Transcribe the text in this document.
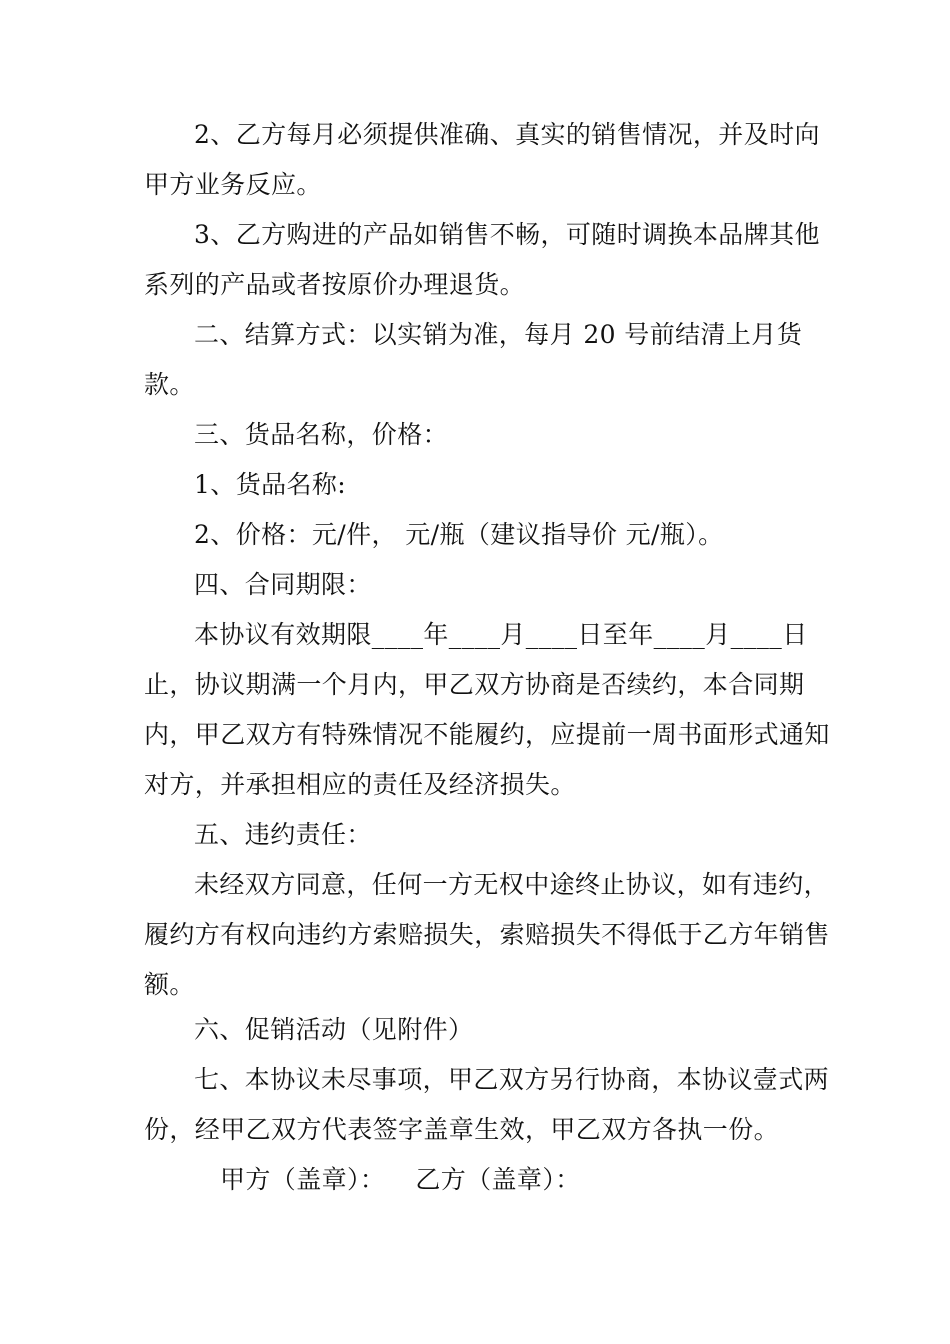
2、乙方每月必须提供准确、真实的销售情况，并及时向甲方业务反应。

3、乙方购进的产品如销售不畅，可随时调换本品牌其他系列的产品或者按原价办理退货。

二、结算方式：以实销为准，每月 20 号前结清上月货款。

三、货品名称，价格：

1、货品名称:

2、价格：元/件， 元/瓶（建议指导价 元/瓶）。

四、合同期限：

本协议有效期限____年____月____日至年____月____日止，协议期满一个月内，甲乙双方协商是否续约，本合同期内，甲乙双方有特殊情况不能履约，应提前一周书面形式通知对方，并承担相应的责任及经济损失。

五、违约责任：

未经双方同意，任何一方无权中途终止协议，如有违约，履约方有权向违约方索赔损失，索赔损失不得低于乙方年销售额。

六、促销活动（见附件）

七、本协议未尽事项，甲乙双方另行协商，本协议壹式两份，经甲乙双方代表签字盖章生效，甲乙双方各执一份。

甲方（盖章）： 乙方（盖章）：
